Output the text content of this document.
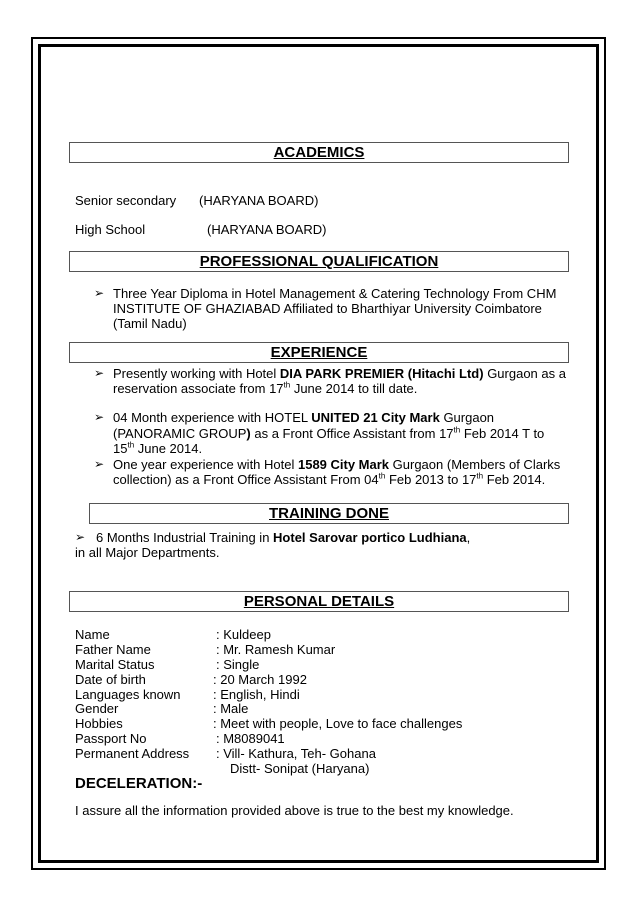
ACADEMICS
Senior secondary (HARYANA BOARD)
High School	(HARYANA BOARD)
PROFESSIONAL QUALIFICATION
➢ Three Year Diploma in Hotel Management & Catering Technology From CHM
INSTITUTE OF GHAZIABAD Affiliated to Bharthiyar University Coimbatore
(Tamil Nadu)
EXPERIENCE
➢ Presently working with Hotel DIA PARK PREMIER (Hitachi Ltd) Gurgaon as a
reservation associate from 17th June 2014 to till date.
➢ 04 Month experience with HOTEL UNITED 21 City Mark Gurgaon
(PANORAMIC GROUP) as a Front Office Assistant from 17th Feb 2014 T to
15th June 2014.
➢ One year experience with Hotel 1589 City Mark Gurgaon (Members of Clarks
collection) as a Front Office Assistant From 04th Feb 2013 to 17th Feb 2014.
TRAINING DONE
➢ 6 Months Industrial Training in Hotel Sarovar portico Ludhiana,
in all Major Departments.
PERSONAL DETAILS
Name	: Kuldeep
Father Name	: Mr. Ramesh Kumar
Marital Status	: Single
Date of birth	: 20 March 1992
Languages known : English, Hindi
Gender	: Male
Hobbies	: Meet with people, Love to face challenges
Passport No	: M8089041
Permanent Address : Vill- Kathura, Teh- Gohana
Distt- Sonipat (Haryana)
DECELERATION:-
I assure all the information provided above is true to the best my knowledge.
